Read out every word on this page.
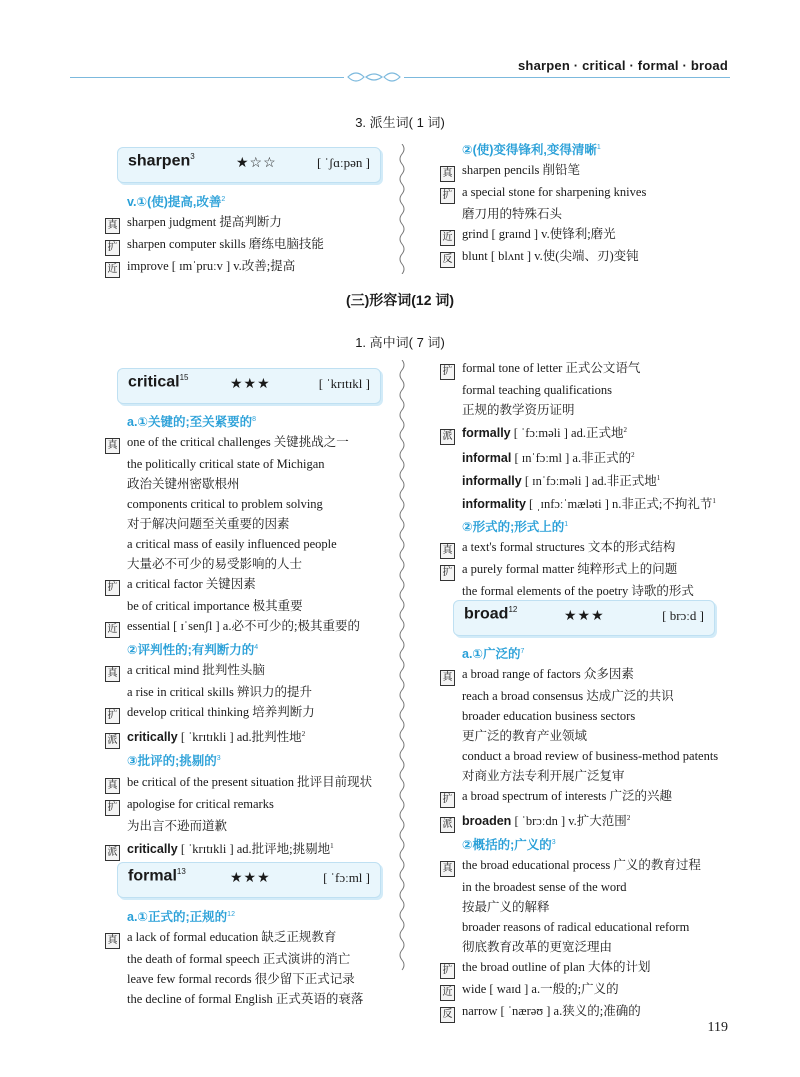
sharpen · critical · formal · broad
3. 派生词( 1 词)
sharpen$^3$	★☆☆	[ ˈʃɑːpən ]
v.①(使)提高,改善$^2$
真 sharpen judgment 提高判断力
扩 sharpen computer skills 磨练电脑技能
近 improve [ ɪmˈpruːv ] v.改善;提高
②(使)变得锋利,变得清晰$^1$
真 sharpen pencils 削铅笔
扩 a special stone for sharpening knives
磨刀用的特殊石头
近 grind [ graɪnd ] v.使锋利;磨光
反 blunt [ blʌnt ] v.使(尖端、刃)变钝
(三)形容词(12 词)
1. 高中词( 7 词)
critical$^{15}$	★★★	[ ˈkrɪtɪkl ]
a.①关键的;至关紧要的$^8$
真 one of the critical challenges 关键挑战之一
the politically critical state of Michigan
政治关键州密歇根州
components critical to problem solving
对于解决问题至关重要的因素
a critical mass of easily influenced people
大量必不可少的易受影响的人士
扩 a critical factor 关键因素
be of critical importance 极其重要
近 essential [ ɪˈsenʃl ] a.必不可少的;极其重要的
②评判性的;有判断力的$^4$
真 a critical mind 批判性头脑
a rise in critical skills 辨识力的提升
扩 develop critical thinking 培养判断力
派 critically [ ˈkrɪtɪkli ] ad.批判性地$^2$
③批评的;挑剔的$^3$
真 be critical of the present situation 批评目前现状
扩 apologise for critical remarks
为出言不逊而道歉
派 critically [ ˈkrɪtɪkli ] ad.批评地;挑剔地$^1$
formal$^{13}$	★★★	[ ˈfɔːml ]
a.①正式的;正规的$^{12}$
真 a lack of formal education 缺乏正规教育
the death of formal speech 正式演讲的消亡
leave few formal records 很少留下正式记录
the decline of formal English 正式英语的衰落
扩 formal tone of letter 正式公文语气
formal teaching qualifications
正规的教学资历证明
派 formally [ ˈfɔːməli ] ad.正式地$^2$
informal [ ɪnˈfɔːml ] a.非正式的$^2$
informally [ ɪnˈfɔːməli ] ad.非正式地$^1$
informality [ ˌɪnfɔːˈmæləti ] n.非正式;不拘礼节$^1$
②形式的;形式上的$^1$
真 a text's formal structures 文本的形式结构
扩 a purely formal matter 纯粹形式上的问题
the formal elements of the poetry 诗歌的形式
broad$^{12}$	★★★	[ brɔːd ]
a.①广泛的$^7$
真 a broad range of factors 众多因素
reach a broad consensus 达成广泛的共识
broader education business sectors
更广泛的教育产业领域
conduct a broad review of business-method patents
对商业方法专利开展广泛复审
扩 a broad spectrum of interests 广泛的兴趣
派 broaden [ ˈbrɔːdn ] v.扩大范围$^2$
②概括的;广义的$^3$
真 the broad educational process 广义的教育过程
in the broadest sense of the word
按最广义的解释
broader reasons of radical educational reform
彻底教育改革的更宽泛理由
扩 the broad outline of plan 大体的计划
近 wide [ waɪd ] a.一般的;广义的
反 narrow [ ˈnærəʊ ] a.狭义的;准确的
119
